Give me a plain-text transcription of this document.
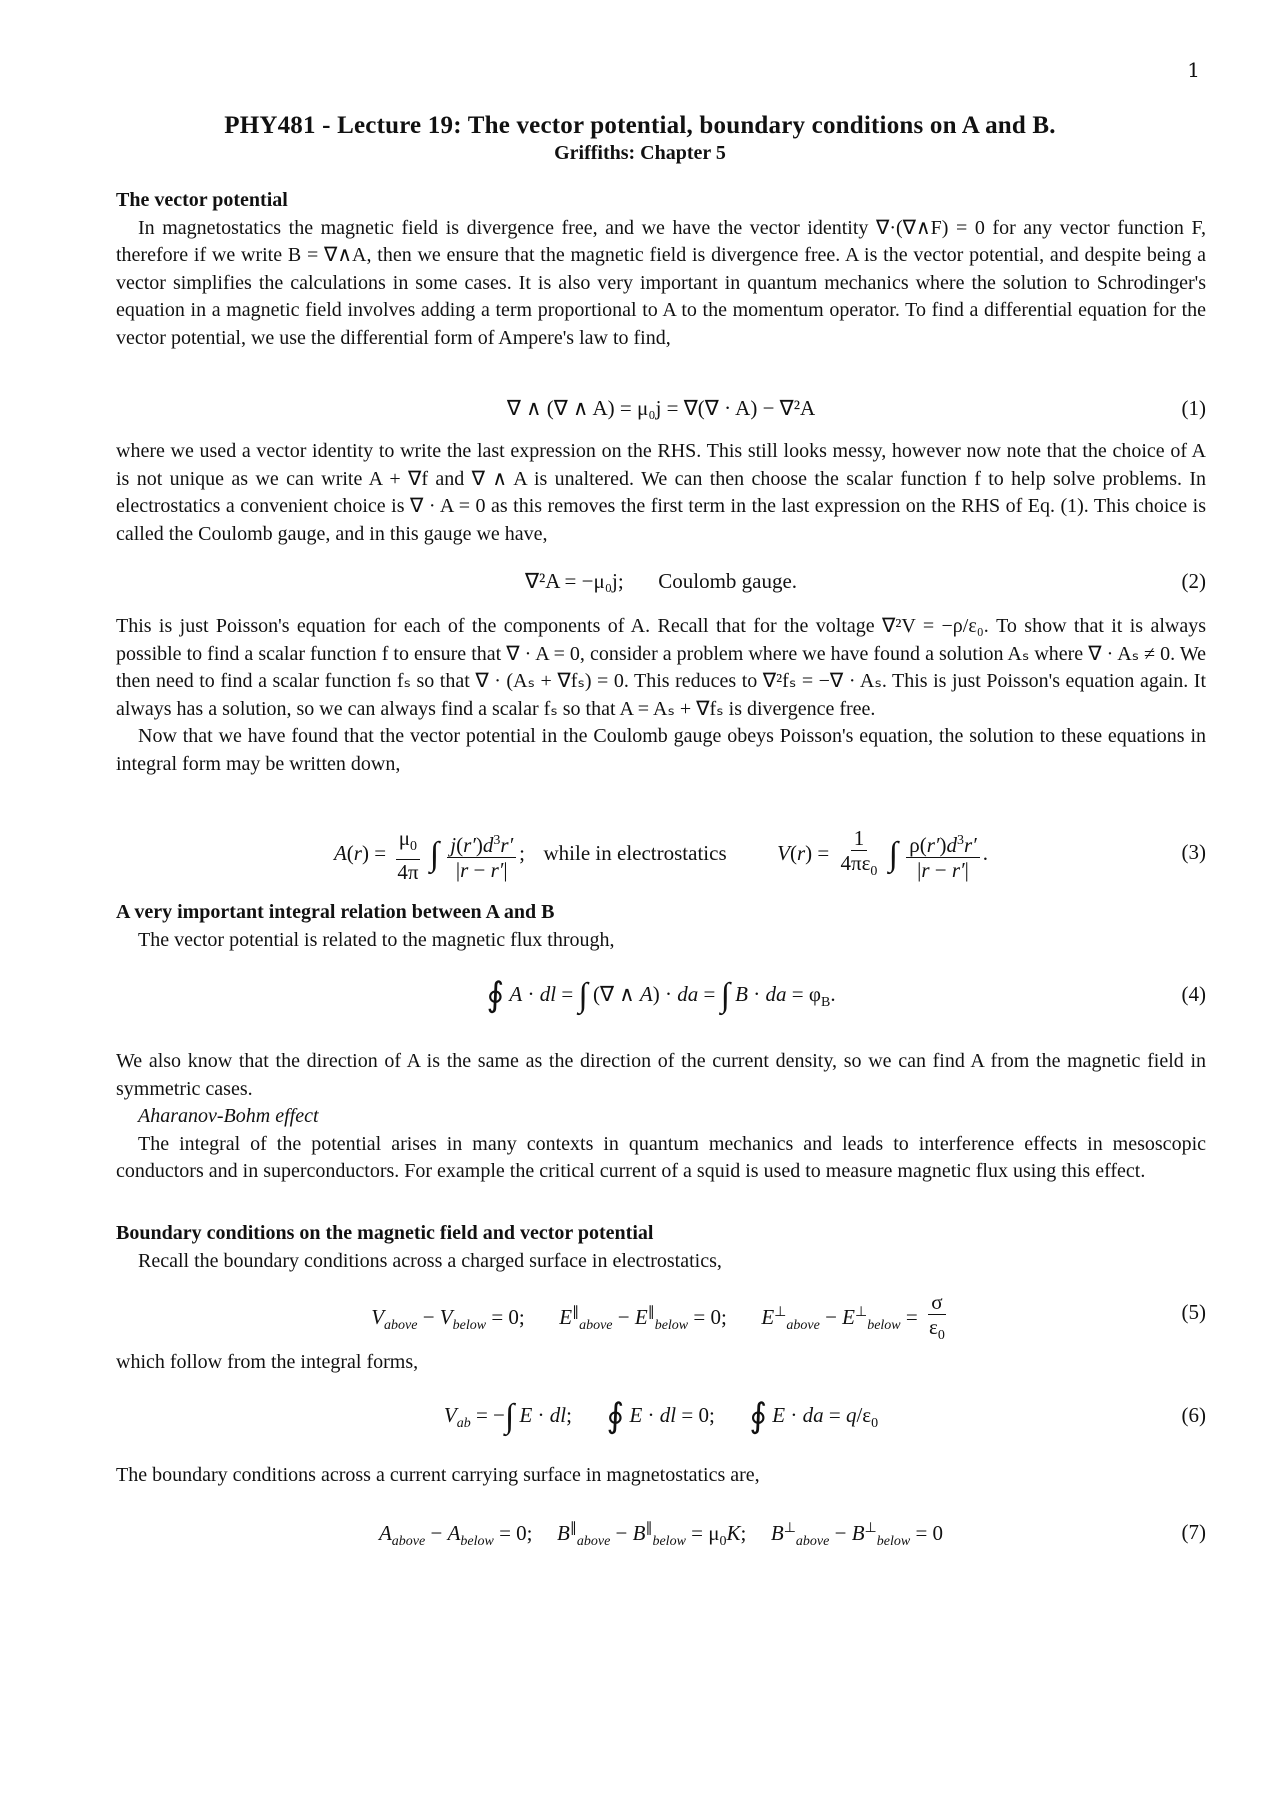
1
PHY481 - Lecture 19: The vector potential, boundary conditions on A and B.
Griffiths: Chapter 5
The vector potential
In magnetostatics the magnetic field is divergence free, and we have the vector identity ∇·(∇∧F) = 0 for any vector function F, therefore if we write B = ∇∧A, then we ensure that the magnetic field is divergence free. A is the vector potential, and despite being a vector simplifies the calculations in some cases. It is also very important in quantum mechanics where the solution to Schrodinger's equation in a magnetic field involves adding a term proportional to A to the momentum operator. To find a differential equation for the vector potential, we use the differential form of Ampere's law to find,
∇ ∧ (∇ ∧ A) = μ₀j = ∇(∇ · A) − ∇²A	(1)
where we used a vector identity to write the last expression on the RHS. This still looks messy, however now note that the choice of A is not unique as we can write A + ∇f and ∇ ∧ A is unaltered. We can then choose the scalar function f to help solve problems. In electrostatics a convenient choice is ∇ · A = 0 as this removes the first term in the last expression on the RHS of Eq. (1). This choice is called the Coulomb gauge, and in this gauge we have,
∇²A = −μ₀j; Coulomb gauge.	(2)
This is just Poisson's equation for each of the components of A. Recall that for the voltage ∇²V = −ρ/ε₀. To show that it is always possible to find a scalar function f to ensure that ∇ · A = 0, consider a problem where we have found a solution Aₛ where ∇ · Aₛ ≠ 0. We then need to find a scalar function fₛ so that ∇ · (Aₛ + ∇fₛ) = 0. This reduces to ∇²fₛ = −∇ · Aₛ. This is just Poisson's equation again. It always has a solution, so we can always find a scalar fₛ so that A = Aₛ + ∇fₛ is divergence free.
Now that we have found that the vector potential in the Coulomb gauge obeys Poisson's equation, the solution to these equations in integral form may be written down,
$A(r) = \frac{\mu_0}{4\pi}$ ∫ $\frac{j(r')d^3r'}{|r - r'|}$ ;  while in electrostatics $V(r) = \frac{1}{4\pi\varepsilon_0}$ ∫ $\frac{\rho(r')d^3r'}{|r - r'|}$ .	(3)
A very important integral relation between A and B
The vector potential is related to the magnetic flux through,
∮ A · dl = ∫ (∇ ∧ A) · da = ∫ B · da = $\varphi_B$.	(4)
We also know that the direction of A is the same as the direction of the current density, so we can find A from the magnetic field in symmetric cases.
Aharanov-Bohm effect
The integral of the potential arises in many contexts in quantum mechanics and leads to interference effects in mesoscopic conductors and in superconductors. For example the critical current of a squid is used to measure magnetic flux using this effect.
Boundary conditions on the magnetic field and vector potential
Recall the boundary conditions across a charged surface in electrostatics,
$V_{above} - V_{below} = 0$;  $E^\parallel_{above} - E^\parallel_{below} = 0$;  $E^\perp_{above} - E^\perp_{below} = \frac{\sigma}{\varepsilon_0}$	(5)
which follow from the integral forms,
$V_{ab}$ = −∫ E · dl;  ∮ E · dl = 0;  ∮ E · da = $q/\varepsilon_0$	(6)
The boundary conditions across a current carrying surface in magnetostatics are,
$A_{above} - A_{below} = 0$;  $B^\parallel_{above} - B^\parallel_{below} = \mu_0K$;  $B^\perp_{above} - B^\perp_{below} = 0$	(7)
